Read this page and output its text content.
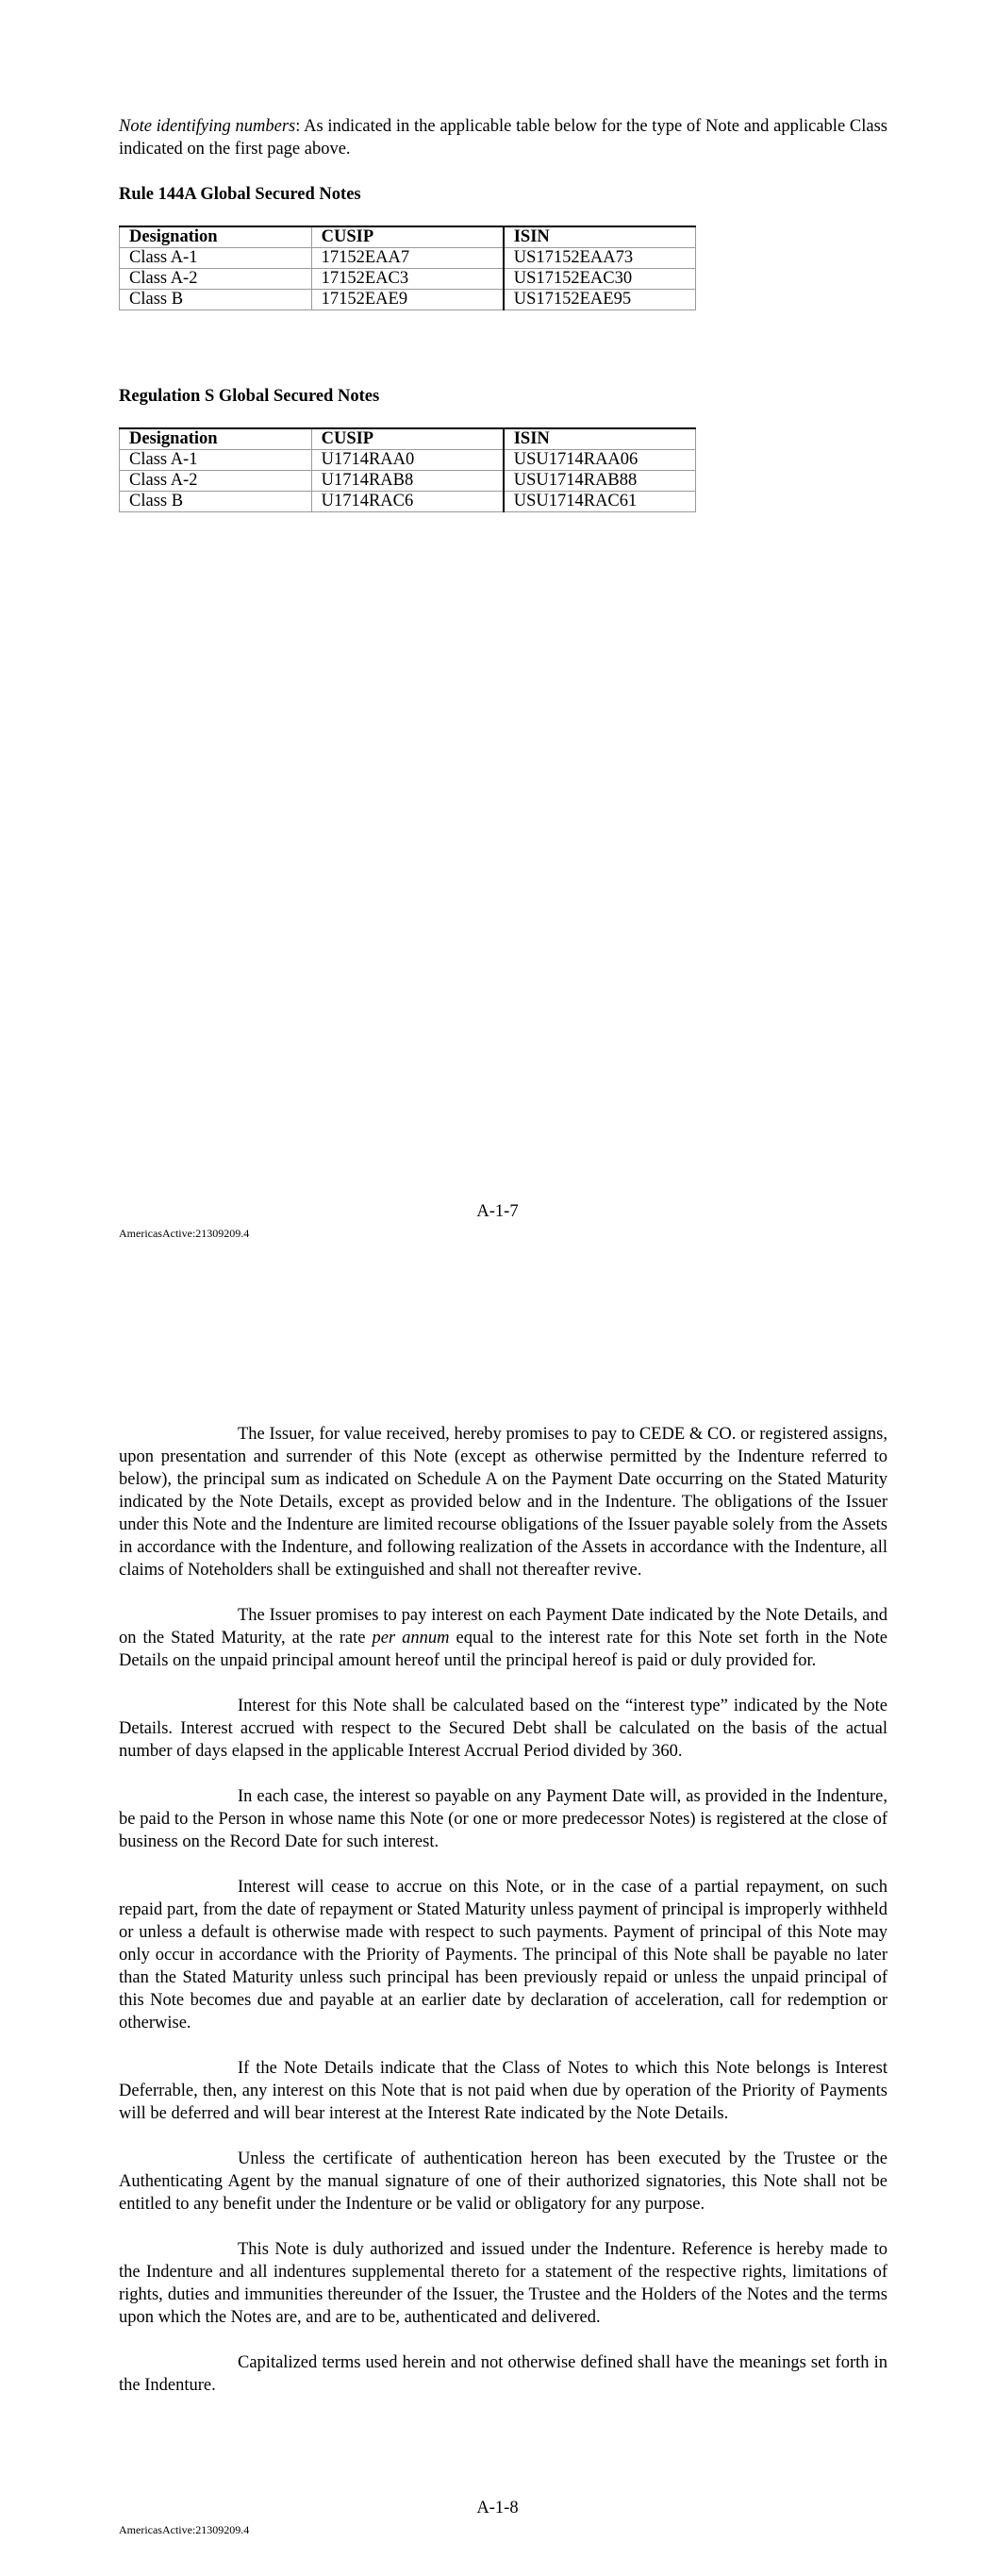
Note identifying numbers: As indicated in the applicable table below for the type of Note and applicable Class indicated on the first page above.

Rule 144A Global Secured Notes
Designation	CUSIP	ISIN
Class A-1	17152EAA7	US17152EAA73
Class A-2	17152EAC3	US17152EAC30
Class B	17152EAE9	US17152EAE95
Regulation S Global Secured Notes
Designation	CUSIP	ISIN
Class A-1	U1714RAA0	USU1714RAA06
Class A-2	U1714RAB8	USU1714RAB88
Class B	U1714RAC6	USU1714RAC61

A-1-7

AmericasActive:21309209.4

The Issuer, for value received, hereby promises to pay to CEDE & CO. or registered assigns, upon presentation and surrender of this Note (except as otherwise permitted by the Indenture referred to below), the principal sum as indicated on Schedule A on the Payment Date occurring on the Stated Maturity indicated by the Note Details, except as provided below and in the Indenture. The obligations of the Issuer under this Note and the Indenture are limited recourse obligations of the Issuer payable solely from the Assets in accordance with the Indenture, and following realization of the Assets in accordance with the Indenture, all claims of Noteholders shall be extinguished and shall not thereafter revive.

The Issuer promises to pay interest on each Payment Date indicated by the Note Details, and on the Stated Maturity, at the rate per annum equal to the interest rate for this Note set forth in the Note Details on the unpaid principal amount hereof until the principal hereof is paid or duly provided for.

Interest for this Note shall be calculated based on the “interest type” indicated by the Note Details. Interest accrued with respect to the Secured Debt shall be calculated on the basis of the actual number of days elapsed in the applicable Interest Accrual Period divided by 360.

In each case, the interest so payable on any Payment Date will, as provided in the Indenture, be paid to the Person in whose name this Note (or one or more predecessor Notes) is registered at the close of business on the Record Date for such interest.

Interest will cease to accrue on this Note, or in the case of a partial repayment, on such repaid part, from the date of repayment or Stated Maturity unless payment of principal is improperly withheld or unless a default is otherwise made with respect to such payments. Payment of principal of this Note may only occur in accordance with the Priority of Payments. The principal of this Note shall be payable no later than the Stated Maturity unless such principal has been previously repaid or unless the unpaid principal of this Note becomes due and payable at an earlier date by declaration of acceleration, call for redemption or otherwise.

If the Note Details indicate that the Class of Notes to which this Note belongs is Interest Deferrable, then, any interest on this Note that is not paid when due by operation of the Priority of Payments will be deferred and will bear interest at the Interest Rate indicated by the Note Details.

Unless the certificate of authentication hereon has been executed by the Trustee or the Authenticating Agent by the manual signature of one of their authorized signatories, this Note shall not be entitled to any benefit under the Indenture or be valid or obligatory for any purpose.

This Note is duly authorized and issued under the Indenture. Reference is hereby made to the Indenture and all indentures supplemental thereto for a statement of the respective rights, limitations of rights, duties and immunities thereunder of the Issuer, the Trustee and the Holders of the Notes and the terms upon which the Notes are, and are to be, authenticated and delivered.

Capitalized terms used herein and not otherwise defined shall have the meanings set forth in the Indenture.

A-1-8

AmericasActive:21309209.4
